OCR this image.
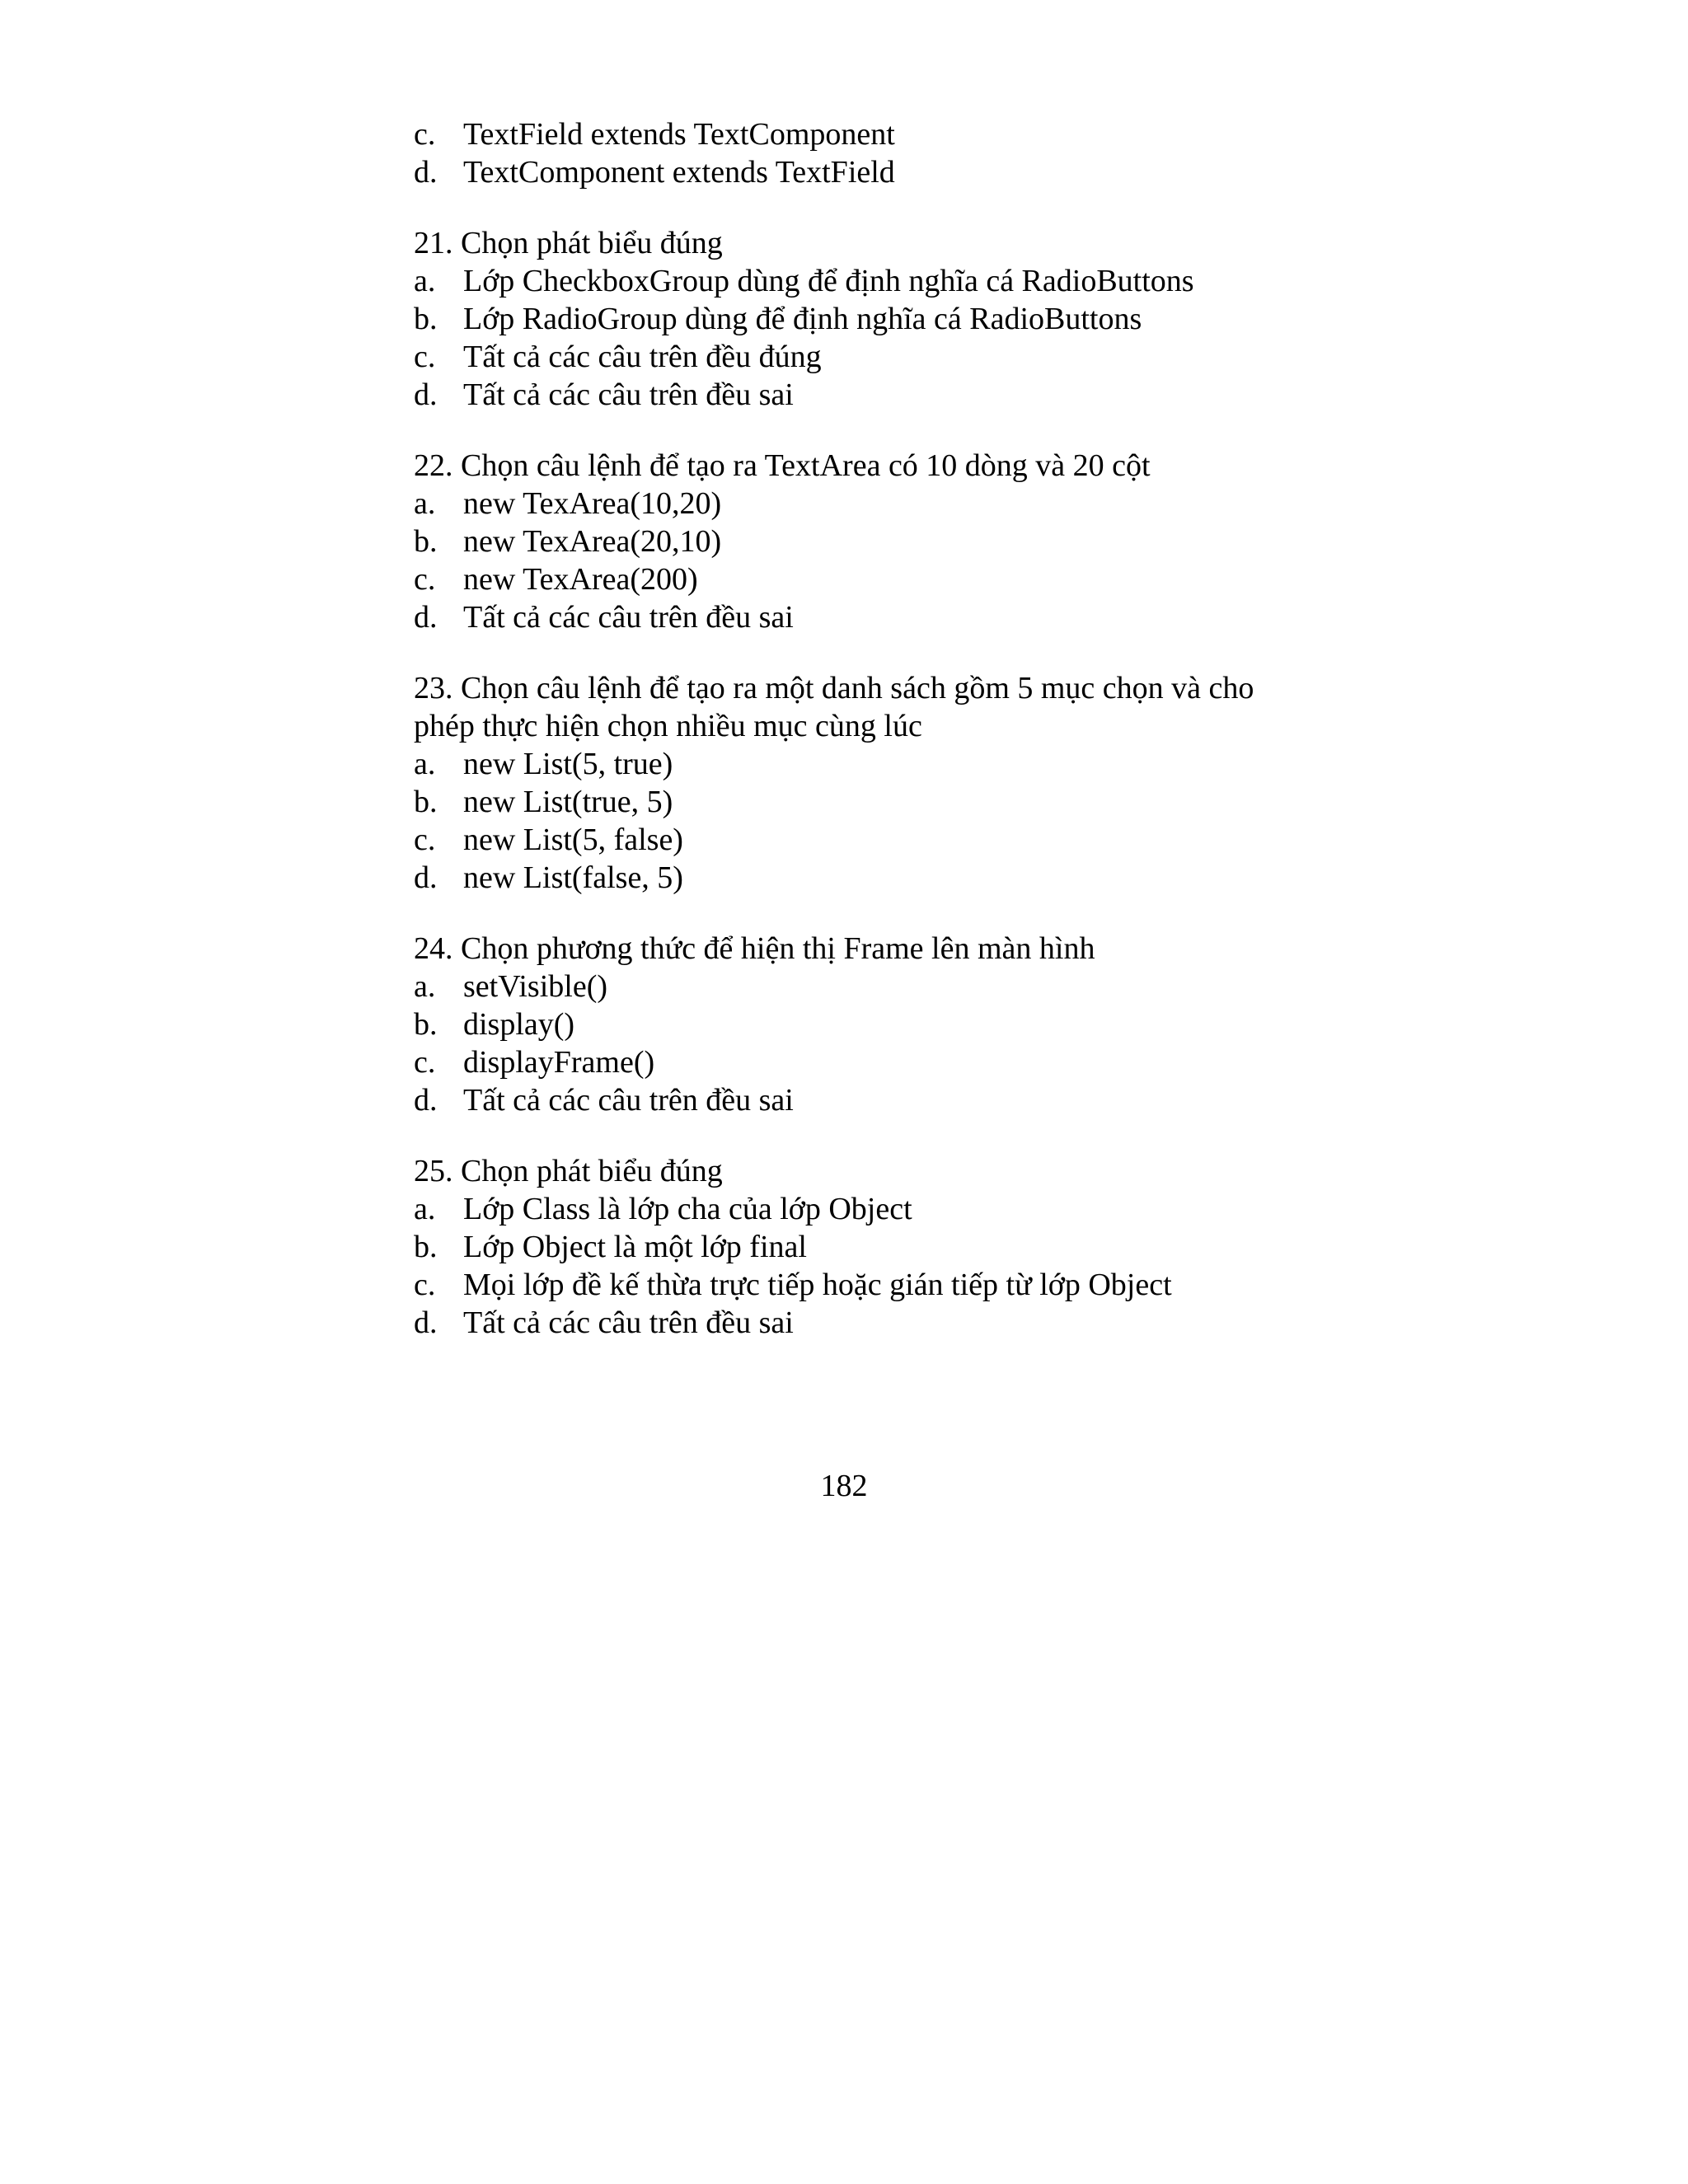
c. TextField extends TextComponent
d. TextComponent extends TextField
21. Chọn phát biểu đúng
a. Lớp CheckboxGroup dùng để định nghĩa cá RadioButtons
b. Lớp RadioGroup dùng để định nghĩa cá RadioButtons
c. Tất cả các câu trên đều đúng
d. Tất cả các câu trên đều sai
22. Chọn câu lệnh để tạo ra TextArea có 10 dòng và 20 cột
a. new TexArea(10,20)
b. new TexArea(20,10)
c. new TexArea(200)
d. Tất cả các câu trên đều sai
23. Chọn câu lệnh để tạo ra một danh sách gồm 5 mục chọn và cho phép thực hiện chọn nhiều mục cùng lúc
a. new List(5, true)
b. new List(true, 5)
c. new List(5, false)
d. new List(false, 5)
24. Chọn phương thức để hiện thị Frame lên màn hình
a. setVisible()
b. display()
c. displayFrame()
d. Tất cả các câu trên đều sai
25. Chọn phát biểu đúng
a. Lớp Class là lớp cha của lớp Object
b. Lớp Object là một lớp final
c. Mọi lớp đề kế thừa trực tiếp hoặc gián tiếp từ lớp Object
d. Tất cả các câu trên đều sai
182
